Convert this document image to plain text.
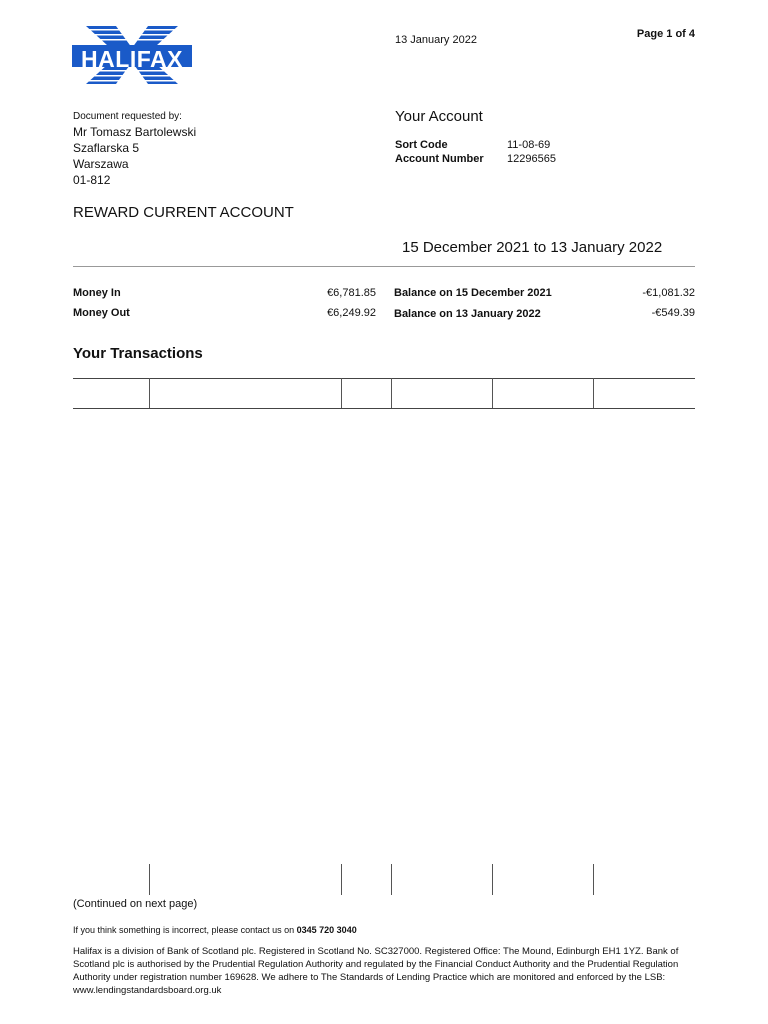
HALIFAX
13 January 2022	Page 1 of 4
Document requested by:
Mr Tomasz Bartolewski
Szaflarska 5
Warszawa
01-812
Your Account
Sort Code	11-08-69
Account Number 12296565
REWARD CURRENT ACCOUNT
15 December 2021 to 13 January 2022
Money In	€6,781.85
Money Out	€6,249.92
Balance on 15 December 2021	-€1,081.32
Balance on 13 January 2022	-€549.39
Your Transactions
(Continued on next page)
If you think something is incorrect, please contact us on 0345 720 3040
Halifax is a division of Bank of Scotland plc. Registered in Scotland No. SC327000. Registered Office: The Mound, Edinburgh EH1 1YZ. Bank of Scotland plc is authorised by the Prudential Regulation Authority and regulated by the Financial Conduct Authority and the Prudential Regulation Authority under registration number 169628. We adhere to The Standards of Lending Practice which are monitored and enforced by the LSB: www.lendingstandardsboard.org.uk
